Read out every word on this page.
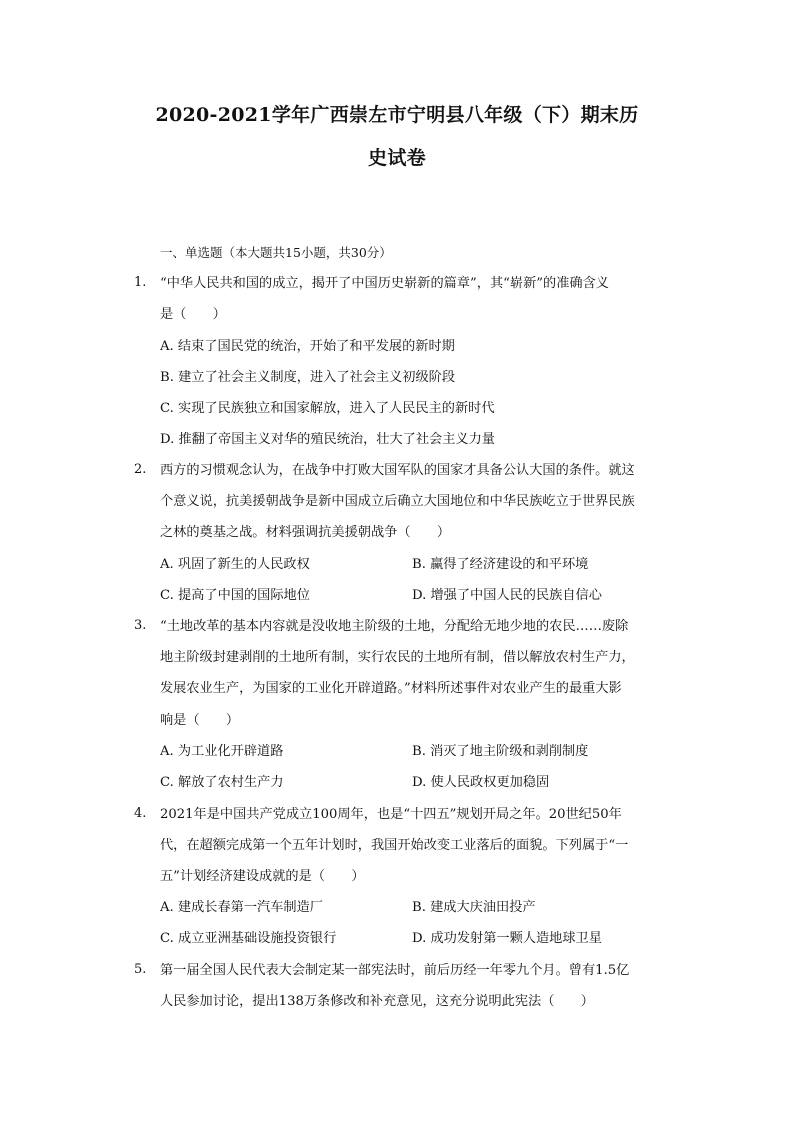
2020-2021学年广西崇左市宁明县八年级（下）期末历
史试卷
一、单选题（本大题共15小题，共30分）
1. “中华人民共和国的成立，揭开了中国历史崭新的篇章”，其“崭新”的准确含义
是（　　）
A. 结束了国民党的统治，开始了和平发展的新时期
B. 建立了社会主义制度，进入了社会主义初级阶段
C. 实现了民族独立和国家解放，进入了人民民主的新时代
D. 推翻了帝国主义对华的殖民统治，壮大了社会主义力量
2. 西方的习惯观念认为，在战争中打败大国军队的国家才具备公认大国的条件。就这
个意义说，抗美援朝战争是新中国成立后确立大国地位和中华民族屹立于世界民族
之林的奠基之战。材料强调抗美援朝战争（　　）
A. 巩固了新生的人民政权	B. 赢得了经济建设的和平环境
C. 提高了中国的国际地位	D. 增强了中国人民的民族自信心
3. “土地改革的基本内容就是没收地主阶级的土地，分配给无地少地的农民……废除
地主阶级封建剥削的土地所有制，实行农民的土地所有制，借以解放农村生产力，
发展农业生产，为国家的工业化开辟道路。”材料所述事件对农业产生的最重大影
响是（　　）
A. 为工业化开辟道路	B. 消灭了地主阶级和剥削制度
C. 解放了农村生产力	D. 使人民政权更加稳固
4. 2021年是中国共产党成立100周年，也是“十四五”规划开局之年。20世纪50年
代，在超额完成第一个五年计划时，我国开始改变工业落后的面貌。下列属于“一
五”计划经济建设成就的是（　　）
A. 建成长春第一汽车制造厂	B. 建成大庆油田投产
C. 成立亚洲基础设施投资银行	D. 成功发射第一颗人造地球卫星
5. 第一届全国人民代表大会制定某一部宪法时，前后历经一年零九个月。曾有1.5亿
人民参加讨论，提出138万条修改和补充意见，这充分说明此宪法（　　）
